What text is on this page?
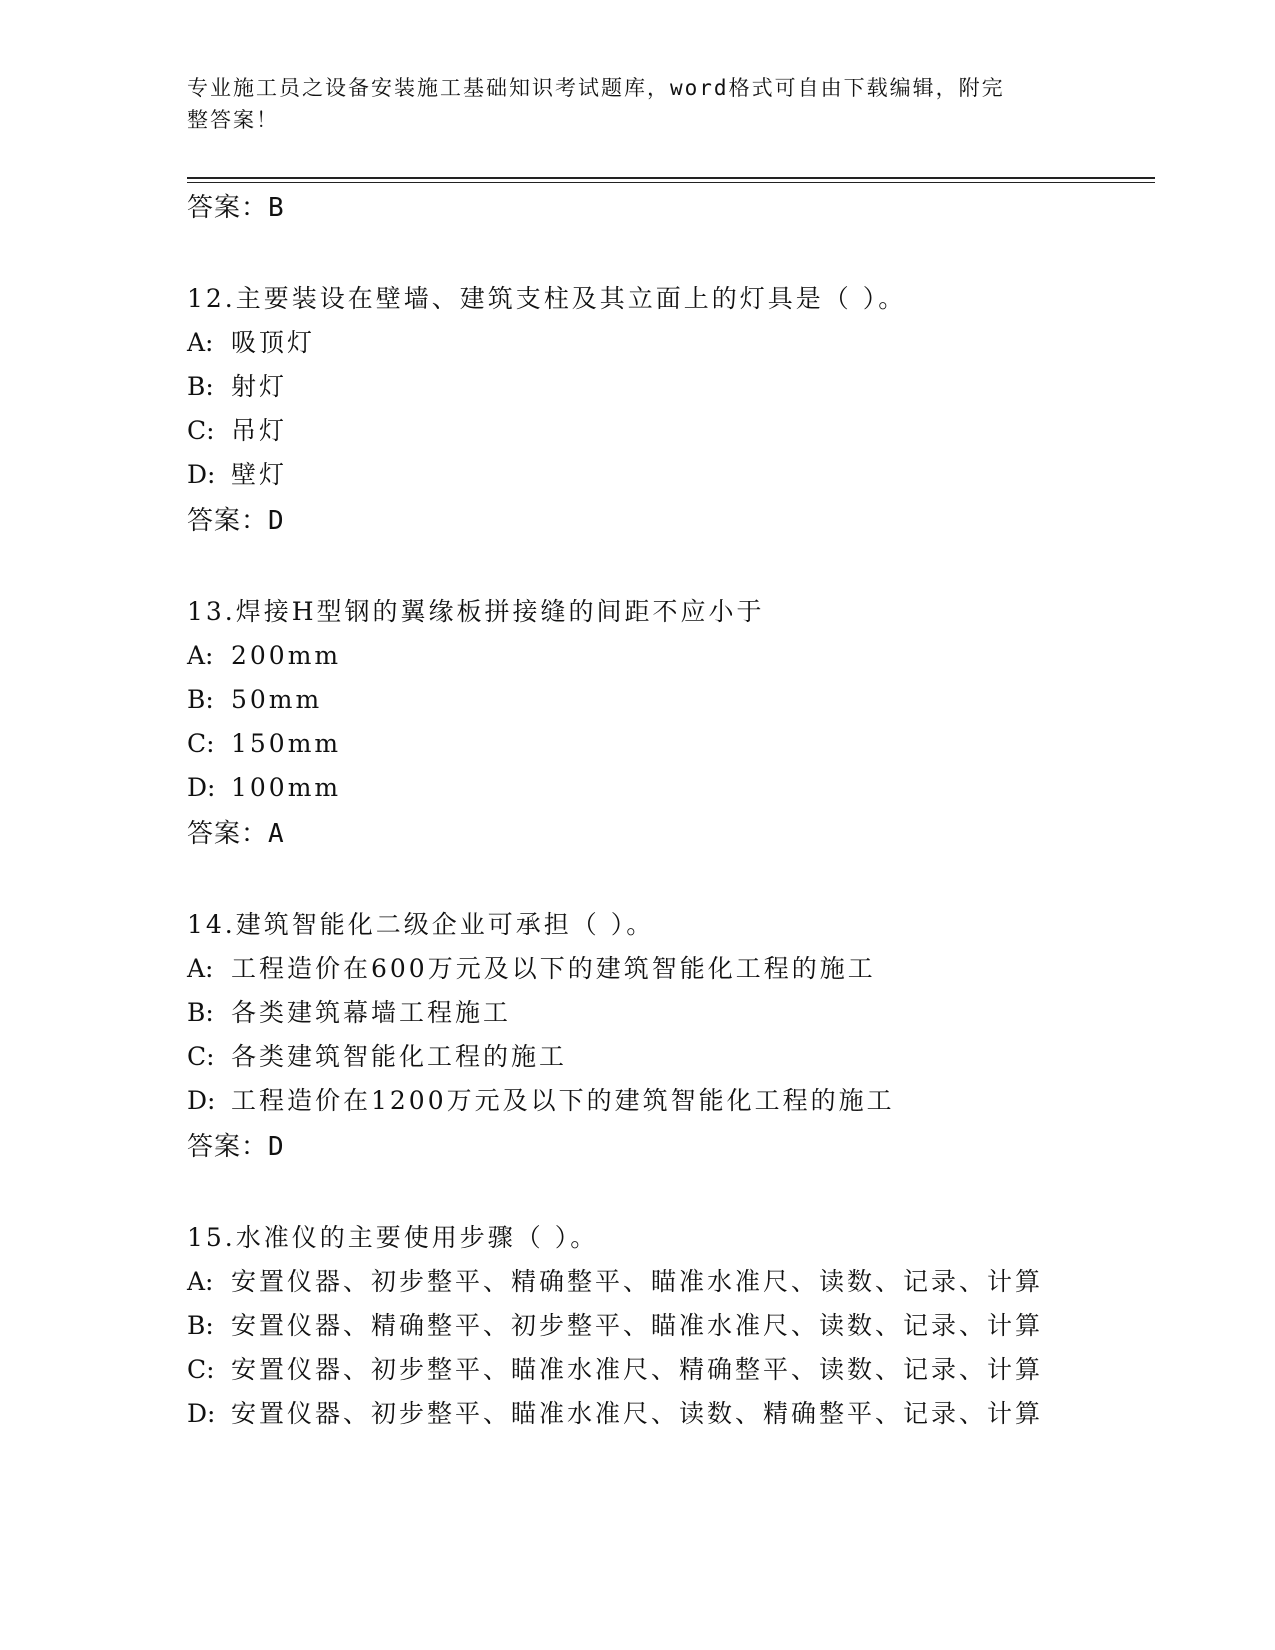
专业施工员之设备安装施工基础知识考试题库，word格式可自由下载编辑，附完
整答案！
答案：B
12.主要装设在壁墙、建筑支柱及其立面上的灯具是（ ）。
A: 吸顶灯
B: 射灯
C: 吊灯
D: 壁灯
答案：D
13.焊接H型钢的翼缘板拼接缝的间距不应小于
A: 200mm
B: 50mm
C: 150mm
D: 100mm
答案：A
14.建筑智能化二级企业可承担（ ）。
A: 工程造价在600万元及以下的建筑智能化工程的施工
B: 各类建筑幕墙工程施工
C: 各类建筑智能化工程的施工
D: 工程造价在1200万元及以下的建筑智能化工程的施工
答案：D
15.水准仪的主要使用步骤（ ）。
A: 安置仪器、初步整平、精确整平、瞄准水准尺、读数、记录、计算
B: 安置仪器、精确整平、初步整平、瞄准水准尺、读数、记录、计算
C: 安置仪器、初步整平、瞄准水准尺、精确整平、读数、记录、计算
D: 安置仪器、初步整平、瞄准水准尺、读数、精确整平、记录、计算
